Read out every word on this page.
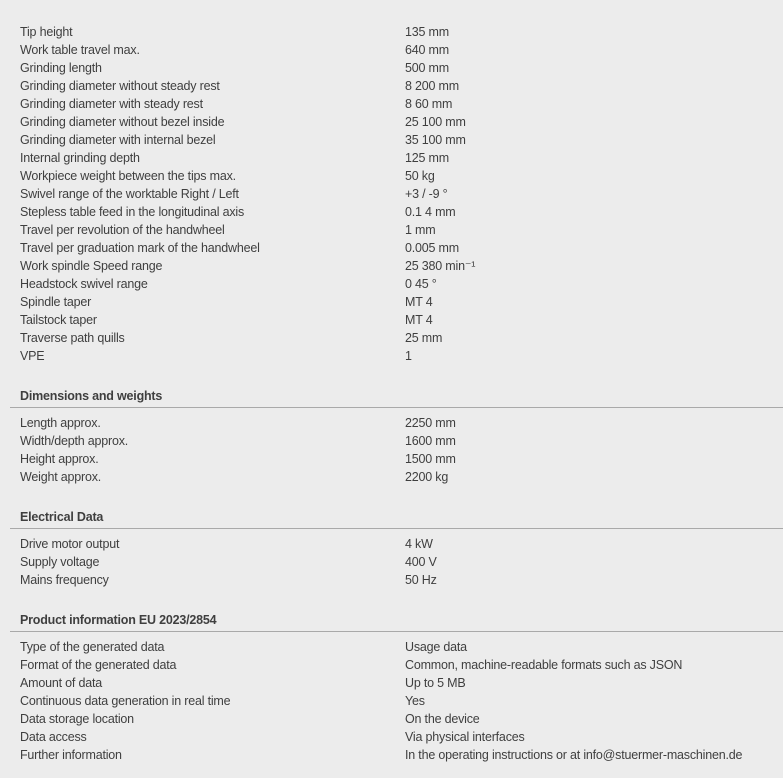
Tip height	135 mm
Work table travel max.	640 mm
Grinding length	500 mm
Grinding diameter without steady rest	8 200 mm
Grinding diameter with steady rest	8 60 mm
Grinding diameter without bezel inside	25 100 mm
Grinding diameter with internal bezel	35 100 mm
Internal grinding depth	125 mm
Workpiece weight between the tips max.	50 kg
Swivel range of the worktable Right / Left	+3 / -9 °
Stepless table feed in the longitudinal axis	0.1 4 mm
Travel per revolution of the handwheel	1 mm
Travel per graduation mark of the handwheel	0.005 mm
Work spindle Speed range	25 380 min⁻¹
Headstock swivel range	0 45 °
Spindle taper	MT 4
Tailstock taper	MT 4
Traverse path quills	25 mm
VPE	1
Dimensions and weights
Length approx.	2250 mm
Width/depth approx.	1600 mm
Height approx.	1500 mm
Weight approx.	2200 kg
Electrical Data
Drive motor output	4 kW
Supply voltage	400 V
Mains frequency	50 Hz
Product information EU 2023/2854
Type of the generated data	Usage data
Format of the generated data	Common, machine-readable formats such as JSON
Amount of data	Up to 5 MB
Continuous data generation in real time	Yes
Data storage location	On the device
Data access	Via physical interfaces
Further information	In the operating instructions or at info@stuermer-maschinen.de
